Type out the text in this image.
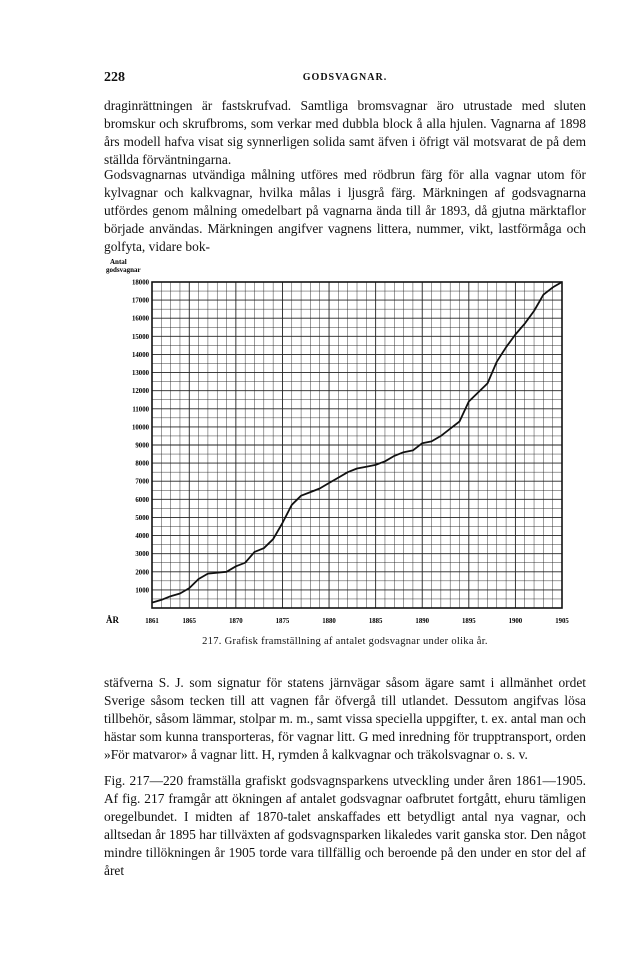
228	GODSVAGNAR.

draginrättningen är fastskrufvad. Samtliga bromsvagnar äro utrustade med sluten bromskur och skrufbroms, som verkar med dubbla block å alla hjulen. Vagnarna af 1898 års modell hafva visat sig synnerligen solida samt äfven i öfrigt väl motsvarat de på dem ställda förväntningarna.

Godsvagnarnas utvändiga målning utföres med rödbrun färg för alla vagnar utom för kylvagnar och kalkvagnar, hvilka målas i ljusgrå färg. Märkningen af godsvagnarna utfördes genom målning omedelbart på vagnarna ända till år 1893, då gjutna märktaflor började användas. Märkningen angifver vagnens littera, nummer, vikt, lastförmåga och golfyta, vidare bok-

Antal
godsvagnar
1000
2000
3000
4000
5000
6000
7000
8000
9000
10000
11000
12000
13000
14000
15000
16000
17000
18000
1861	1865	1870	1875	1880	1885	1890	1895	1900	1905
ÅR
217. Grafisk framställning af antalet godsvagnar under olika år.

stäfverna S. J. som signatur för statens järnvägar såsom ägare samt i allmänhet ordet Sverige såsom tecken till att vagnen får öfvergå till utlandet. Dessutom angifvas lösa tillbehör, såsom lämmar, stolpar m. m., samt vissa speciella uppgifter, t. ex. antal man och hästar som kunna transporteras, för vagnar litt. G med inredning för trupptransport, orden »För matvaror» å vagnar litt. H, rymden å kalkvagnar och träkolsvagnar o. s. v.

Fig. 217—220 framställa grafiskt godsvagnsparkens utveckling under åren 1861—1905. Af fig. 217 framgår att ökningen af antalet godsvagnar oafbrutet fortgått, ehuru tämligen oregelbundet. I midten af 1870-talet anskaffades ett betydligt antal nya vagnar, och alltsedan år 1895 har tillväxten af godsvagnsparken likaledes varit ganska stor. Den något mindre tillökningen år 1905 torde vara tillfällig och beroende på den under en stor del af året
